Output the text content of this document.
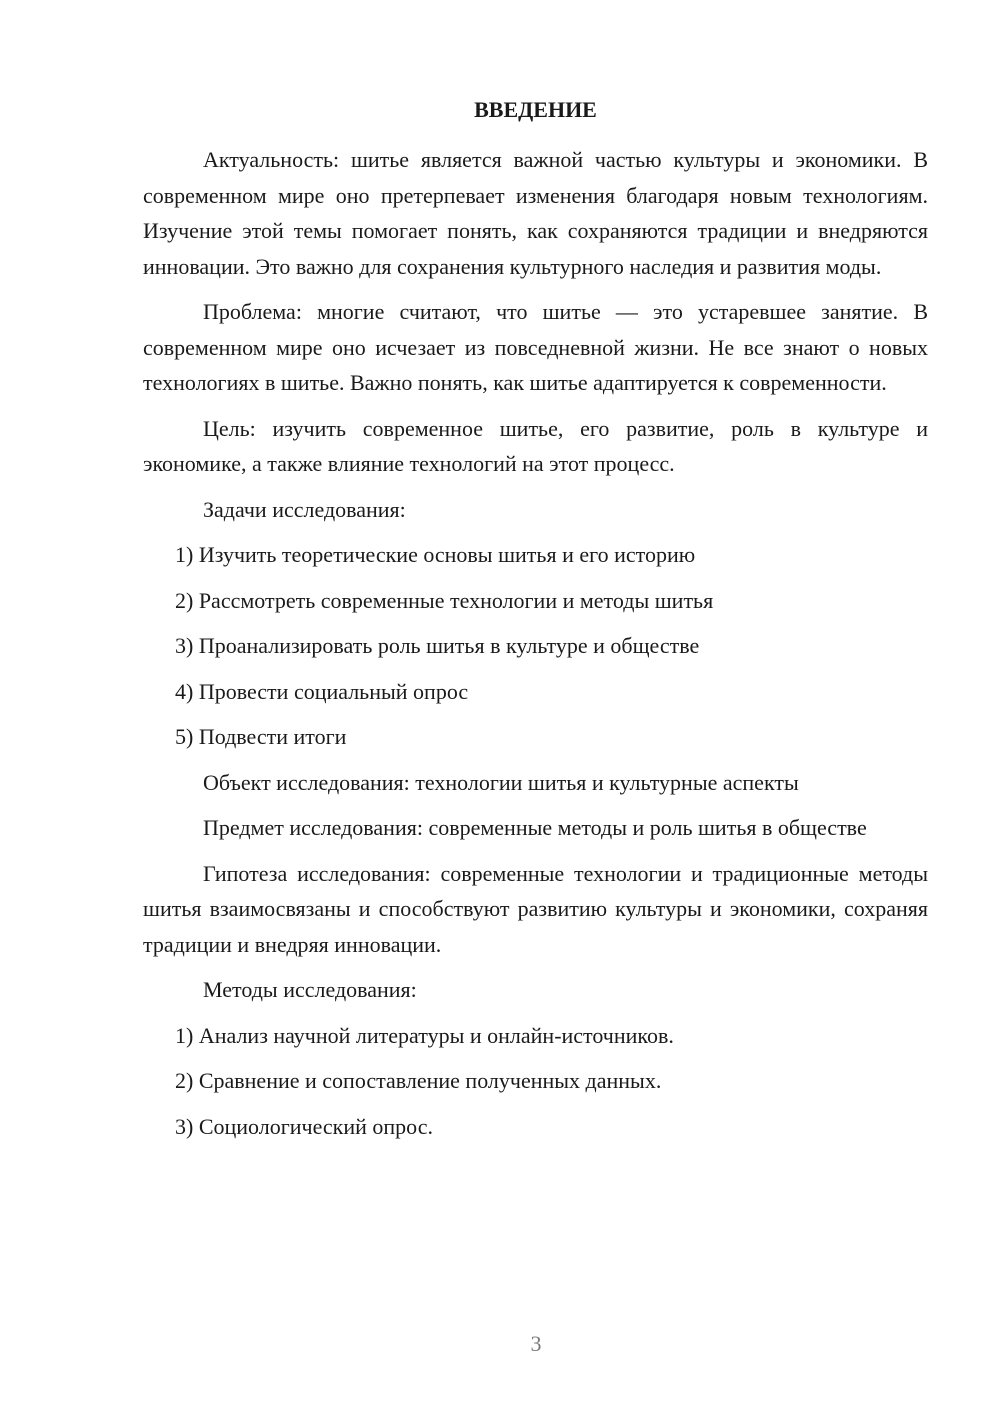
ВВЕДЕНИЕ

Актуальность: шитье является важной частью культуры и экономики. В современном мире оно претерпевает изменения благодаря новым технологиям. Изучение этой темы помогает понять, как сохраняются традиции и внедряются инновации. Это важно для сохранения культурного наследия и развития моды.

Проблема: многие считают, что шитье — это устаревшее занятие. В современном мире оно исчезает из повседневной жизни. Не все знают о новых технологиях в шитье. Важно понять, как шитье адаптируется к современности.

Цель: изучить современное шитье, его развитие, роль в культуре и экономике, а также влияние технологий на этот процесс.

Задачи исследования:
1) Изучить теоретические основы шитья и его историю
2) Рассмотреть современные технологии и методы шитья
3) Проанализировать роль шитья в культуре и обществе
4) Провести социальный опрос
5) Подвести итоги

Объект исследования: технологии шитья и культурные аспекты

Предмет исследования: современные методы и роль шитья в обществе

Гипотеза исследования: современные технологии и традиционные методы шитья взаимосвязаны и способствуют развитию культуры и экономики, сохраняя традиции и внедряя инновации.

Методы исследования:
1) Анализ научной литературы и онлайн-источников.
2) Сравнение и сопоставление полученных данных.
3) Социологический опрос.
3
